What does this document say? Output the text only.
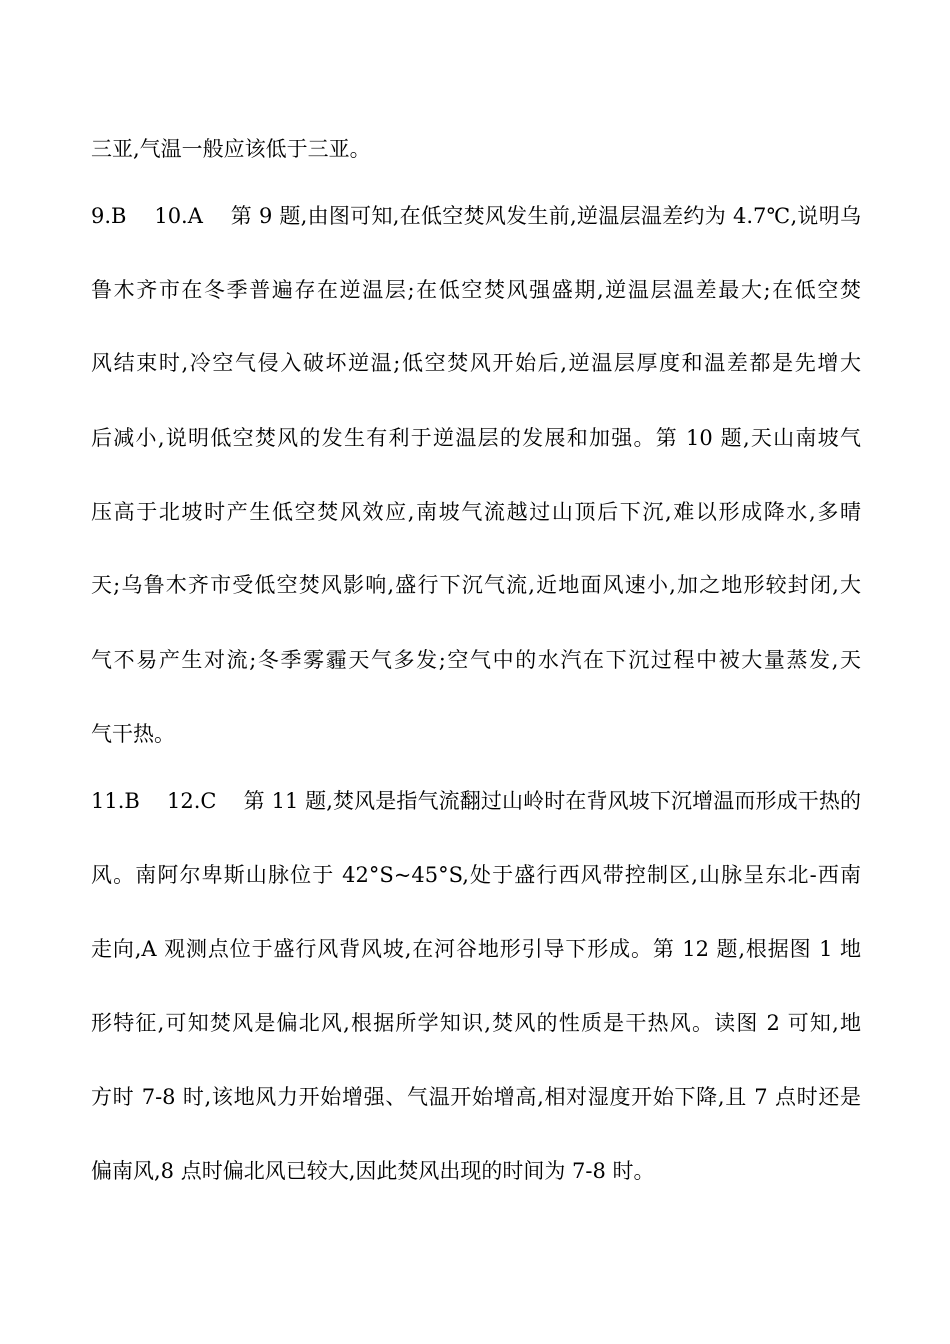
三亚,气温一般应该低于三亚。
9.B    10.A    第 9 题,由图可知,在低空焚风发生前,逆温层温差约为 4.7℃,说明乌
鲁木齐市在冬季普遍存在逆温层;在低空焚风强盛期,逆温层温差最大;在低空焚
风结束时,冷空气侵入破坏逆温;低空焚风开始后,逆温层厚度和温差都是先增大
后减小,说明低空焚风的发生有利于逆温层的发展和加强。第 10 题,天山南坡气
压高于北坡时产生低空焚风效应,南坡气流越过山顶后下沉,难以形成降水,多晴
天;乌鲁木齐市受低空焚风影响,盛行下沉气流,近地面风速小,加之地形较封闭,大
气不易产生对流;冬季雾霾天气多发;空气中的水汽在下沉过程中被大量蒸发,天
气干热。
11.B    12.C    第 11 题,焚风是指气流翻过山岭时在背风坡下沉增温而形成干热的
风。南阿尔卑斯山脉位于 42°S~45°S,处于盛行西风带控制区,山脉呈东北-西南
走向,A 观测点位于盛行风背风坡,在河谷地形引导下形成。第 12 题,根据图 1 地
形特征,可知焚风是偏北风,根据所学知识,焚风的性质是干热风。读图 2 可知,地
方时 7-8 时,该地风力开始增强、气温开始增高,相对湿度开始下降,且 7 点时还是
偏南风,8 点时偏北风已较大,因此焚风出现的时间为 7-8 时。
